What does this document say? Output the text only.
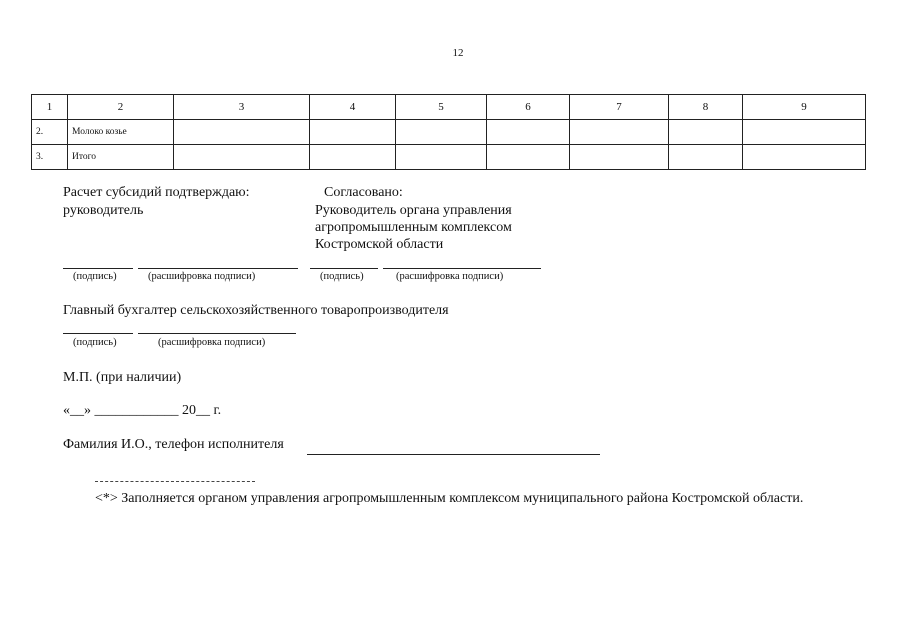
12
1	2	3	4	5	6	7	8	9
2.	Молоко козье							
3.	Итого							
Расчет субсидий подтверждаю:
руководитель
(подпись)	(расшифровка подписи)
Согласовано:
Руководитель органа управления
агропромышленным комплексом
Костромской области
(подпись)	(расшифровка подписи)
Главный бухгалтер сельскохозяйственного товаропроизводителя
(подпись)	(расшифровка подписи)
М.П. (при наличии)
«__» ____________ 20__ г.
Фамилия И.О., телефон исполнителя
<*> Заполняется органом управления агропромышленным комплексом муниципального района Костромской области.
